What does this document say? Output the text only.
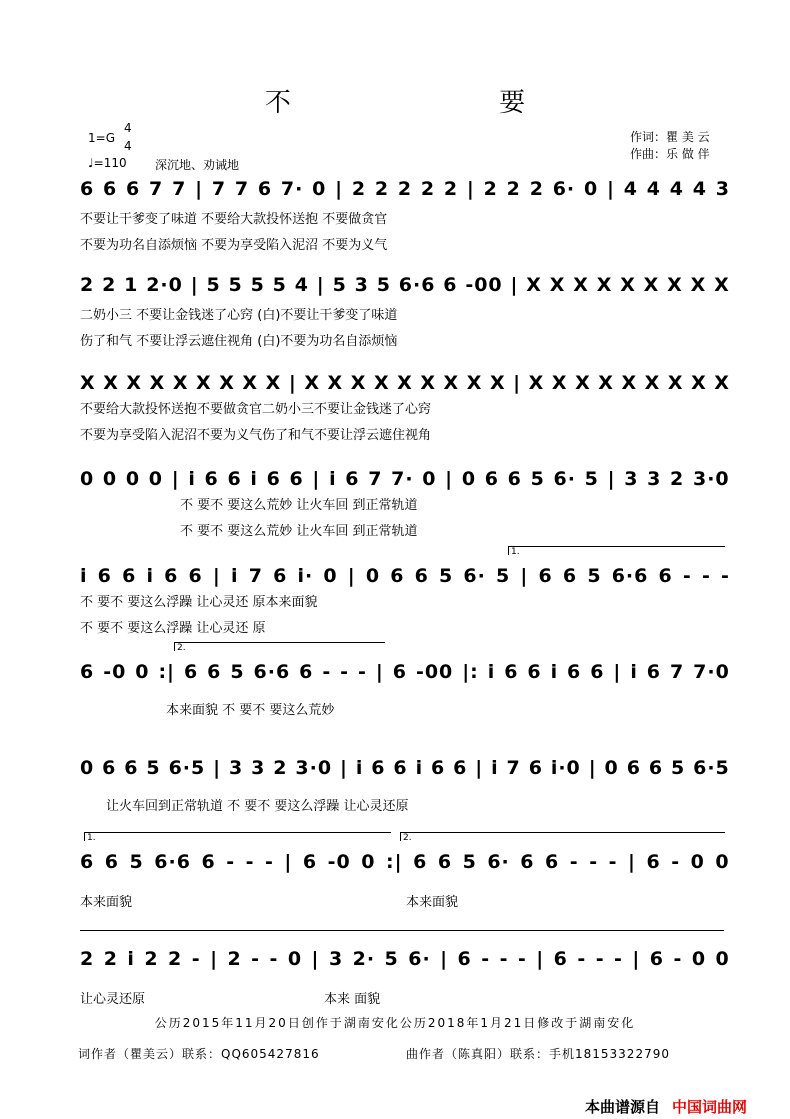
不 要
1=G
4
4
♩=110 深沉地、劝诫地
作词：瞿 美 云
作曲：乐 做 伴
6 6 6 7 7 | 7 7 6 7· 0 | 2 2 2 2 2 | 2 2 2 6· 0 | 4 4 4 4 3
不要让干爹变了味道 不要给大款投怀送抱 不要做贪官
不要为功名自添烦恼 不要为享受陷入泥沼 不要为义气
2 2 1 2·0 | 5 5 5 5 4 | 5 3 5 6·6 6 -00 | X X X X X X X X X
二奶小三 不要让金钱迷了心窍 (白)不要让干爹变了味道
伤了和气 不要让浮云遮住视角 (白)不要为功名自添烦恼
X X X X X X X X X | X X X X X X X X X | X X X X X X X X X
不要给大款投怀送抱不要做贪官二奶小三不要让金钱迷了心窍
不要为享受陷入泥沼不要为义气伤了和气不要让浮云遮住视角
0 0 0 0 | i 6 6 i 6 6 | i 6 7 7· 0 | 0 6 6 5 6· 5 | 3 3 2 3·0
不 要不 要这么荒妙 让火车回 到正常轨道
不 要不 要这么荒妙 让火车回 到正常轨道
1.
i 6 6 i 6 6 | i 7 6 i· 0 | 0 6 6 5 6· 5 | 6 6 5 6·6 6 - - -
不 要不 要这么浮躁 让心灵还 原本来面貌
不 要不 要这么浮躁 让心灵还 原
2.
6 -0 0 :| 6 6 5 6·6 6 - - - | 6 -00 |: i 6 6 i 6 6 | i 6 7 7·0
本来面貌 不 要不 要这么荒妙
0 6 6 5 6·5 | 3 3 2 3·0 | i 6 6 i 6 6 | i 7 6 i·0 | 0 6 6 5 6·5
让火车回到正常轨道 不 要不 要这么浮躁 让心灵还原
1.	2.
6 6 5 6·6 6 - - - | 6 -0 0 :| 6 6 5 6· 6 6 - - - | 6 - 0 0
本来面貌	本来面貌
2 2 i 2 2 - | 2 - - 0 | 3 2· 5 6· | 6 - - - | 6 - - - | 6 - 0 0
让心灵还原	本来 面貌
公历2015年11月20日创作于湖南安化公历2018年1月21日修改于湖南安化
词作者（瞿美云）联系：QQ605427816	曲作者（陈真阳）联系：手机18153322790
本曲谱源自 中国词曲网
